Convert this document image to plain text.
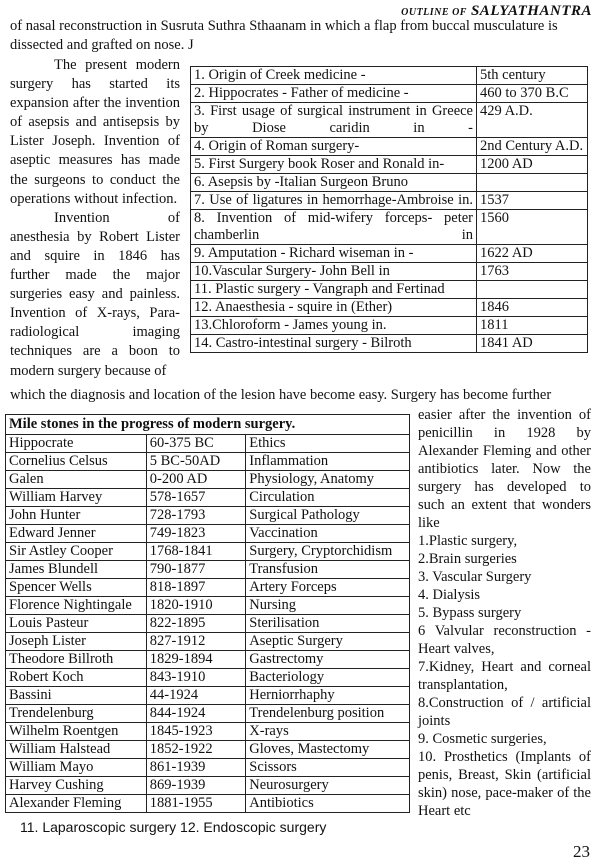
OUTLINE OF SALYATHANTRA
of nasal reconstruction in Susruta Suthra Sthaanam in which a flap from buccal musculature is dissected and grafted on nose. J

The present modern surgery has started its expansion after the invention of asepsis and antisepsis by Lister Joseph. Invention of aseptic measures has made the surgeons to conduct the operations without infection.

Invention of anesthesia by Robert Lister and squire in 1846 has further made the major surgeries easy and painless. Invention of X-rays, Para-radiological imaging techniques are a boon to modern surgery because of

1. Origin of Creek medicine -	5th century
2. Hippocrates - Father of medicine -	460 to 370 B.C
3. First usage of surgical instrument in Greece by Diose caridin in -	429 A.D.
4. Origin of Roman surgery-	2nd Century A.D.
5. First Surgery book Roser and Ronald in-	1200 AD
6. Asepsis by -Italian Surgeon Bruno	
7. Use of ligatures in hemorrhage-Ambroise in.	1537
8. Invention of mid-wifery forceps- peter chamberlin in	1560
9. Amputation - Richard wiseman in -	1622 AD
10.Vascular Surgery- John Bell in	1763
11. Plastic surgery - Vangraph and Fertinad	
12. Anaesthesia - squire in (Ether)	1846
13.Chloroform - James young in.	1811
14. Castro-intestinal surgery - Bilroth	1841 AD
which the diagnosis and location of the lesion have become easy. Surgery has become further
Mile stones in the progress of modern surgery.
Hippocrate	60-375 BC	Ethics
Cornelius Celsus	5 BC-50AD	Inflammation
Galen	0-200 AD	Physiology, Anatomy
William Harvey	578-1657	Circulation
John Hunter	728-1793	Surgical Pathology
Edward Jenner	749-1823	Vaccination
Sir Astley Cooper	1768-1841	Surgery, Cryptorchidism
James Blundell	790-1877	Transfusion
Spencer Wells	818-1897	Artery Forceps
Florence Nightingale	1820-1910	Nursing
Louis Pasteur	822-1895	Sterilisation
Joseph Lister	827-1912	Aseptic Surgery
Theodore Billroth	1829-1894	Gastrectomy
Robert Koch	843-1910	Bacteriology
Bassini	44-1924	Herniorrhaphy
Trendelenburg	844-1924	Trendelenburg position
Wilhelm Roentgen	1845-1923	X-rays
William Halstead	1852-1922	Gloves, Mastectomy
William Mayo	861-1939	Scissors
Harvey Cushing	869-1939	Neurosurgery
Alexander Fleming	1881-1955	Antibiotics

easier after the invention of penicillin in 1928 by Alexander Fleming and other antibiotics later. Now the surgery has developed to such an extent that wonders like

1.Plastic surgery,

2.Brain surgeries

3. Vascular Surgery

4. Dialysis

5. Bypass surgery

6 Valvular reconstruction - Heart valves,

7.Kidney, Heart and corneal transplantation,

8.Construction of / artificial joints

9. Cosmetic surgeries,

10. Prosthetics (Implants of penis, Breast, Skin (artificial skin) nose, pace-maker of the Heart etc

11. Laparoscopic surgery 12. Endoscopic surgery
23
